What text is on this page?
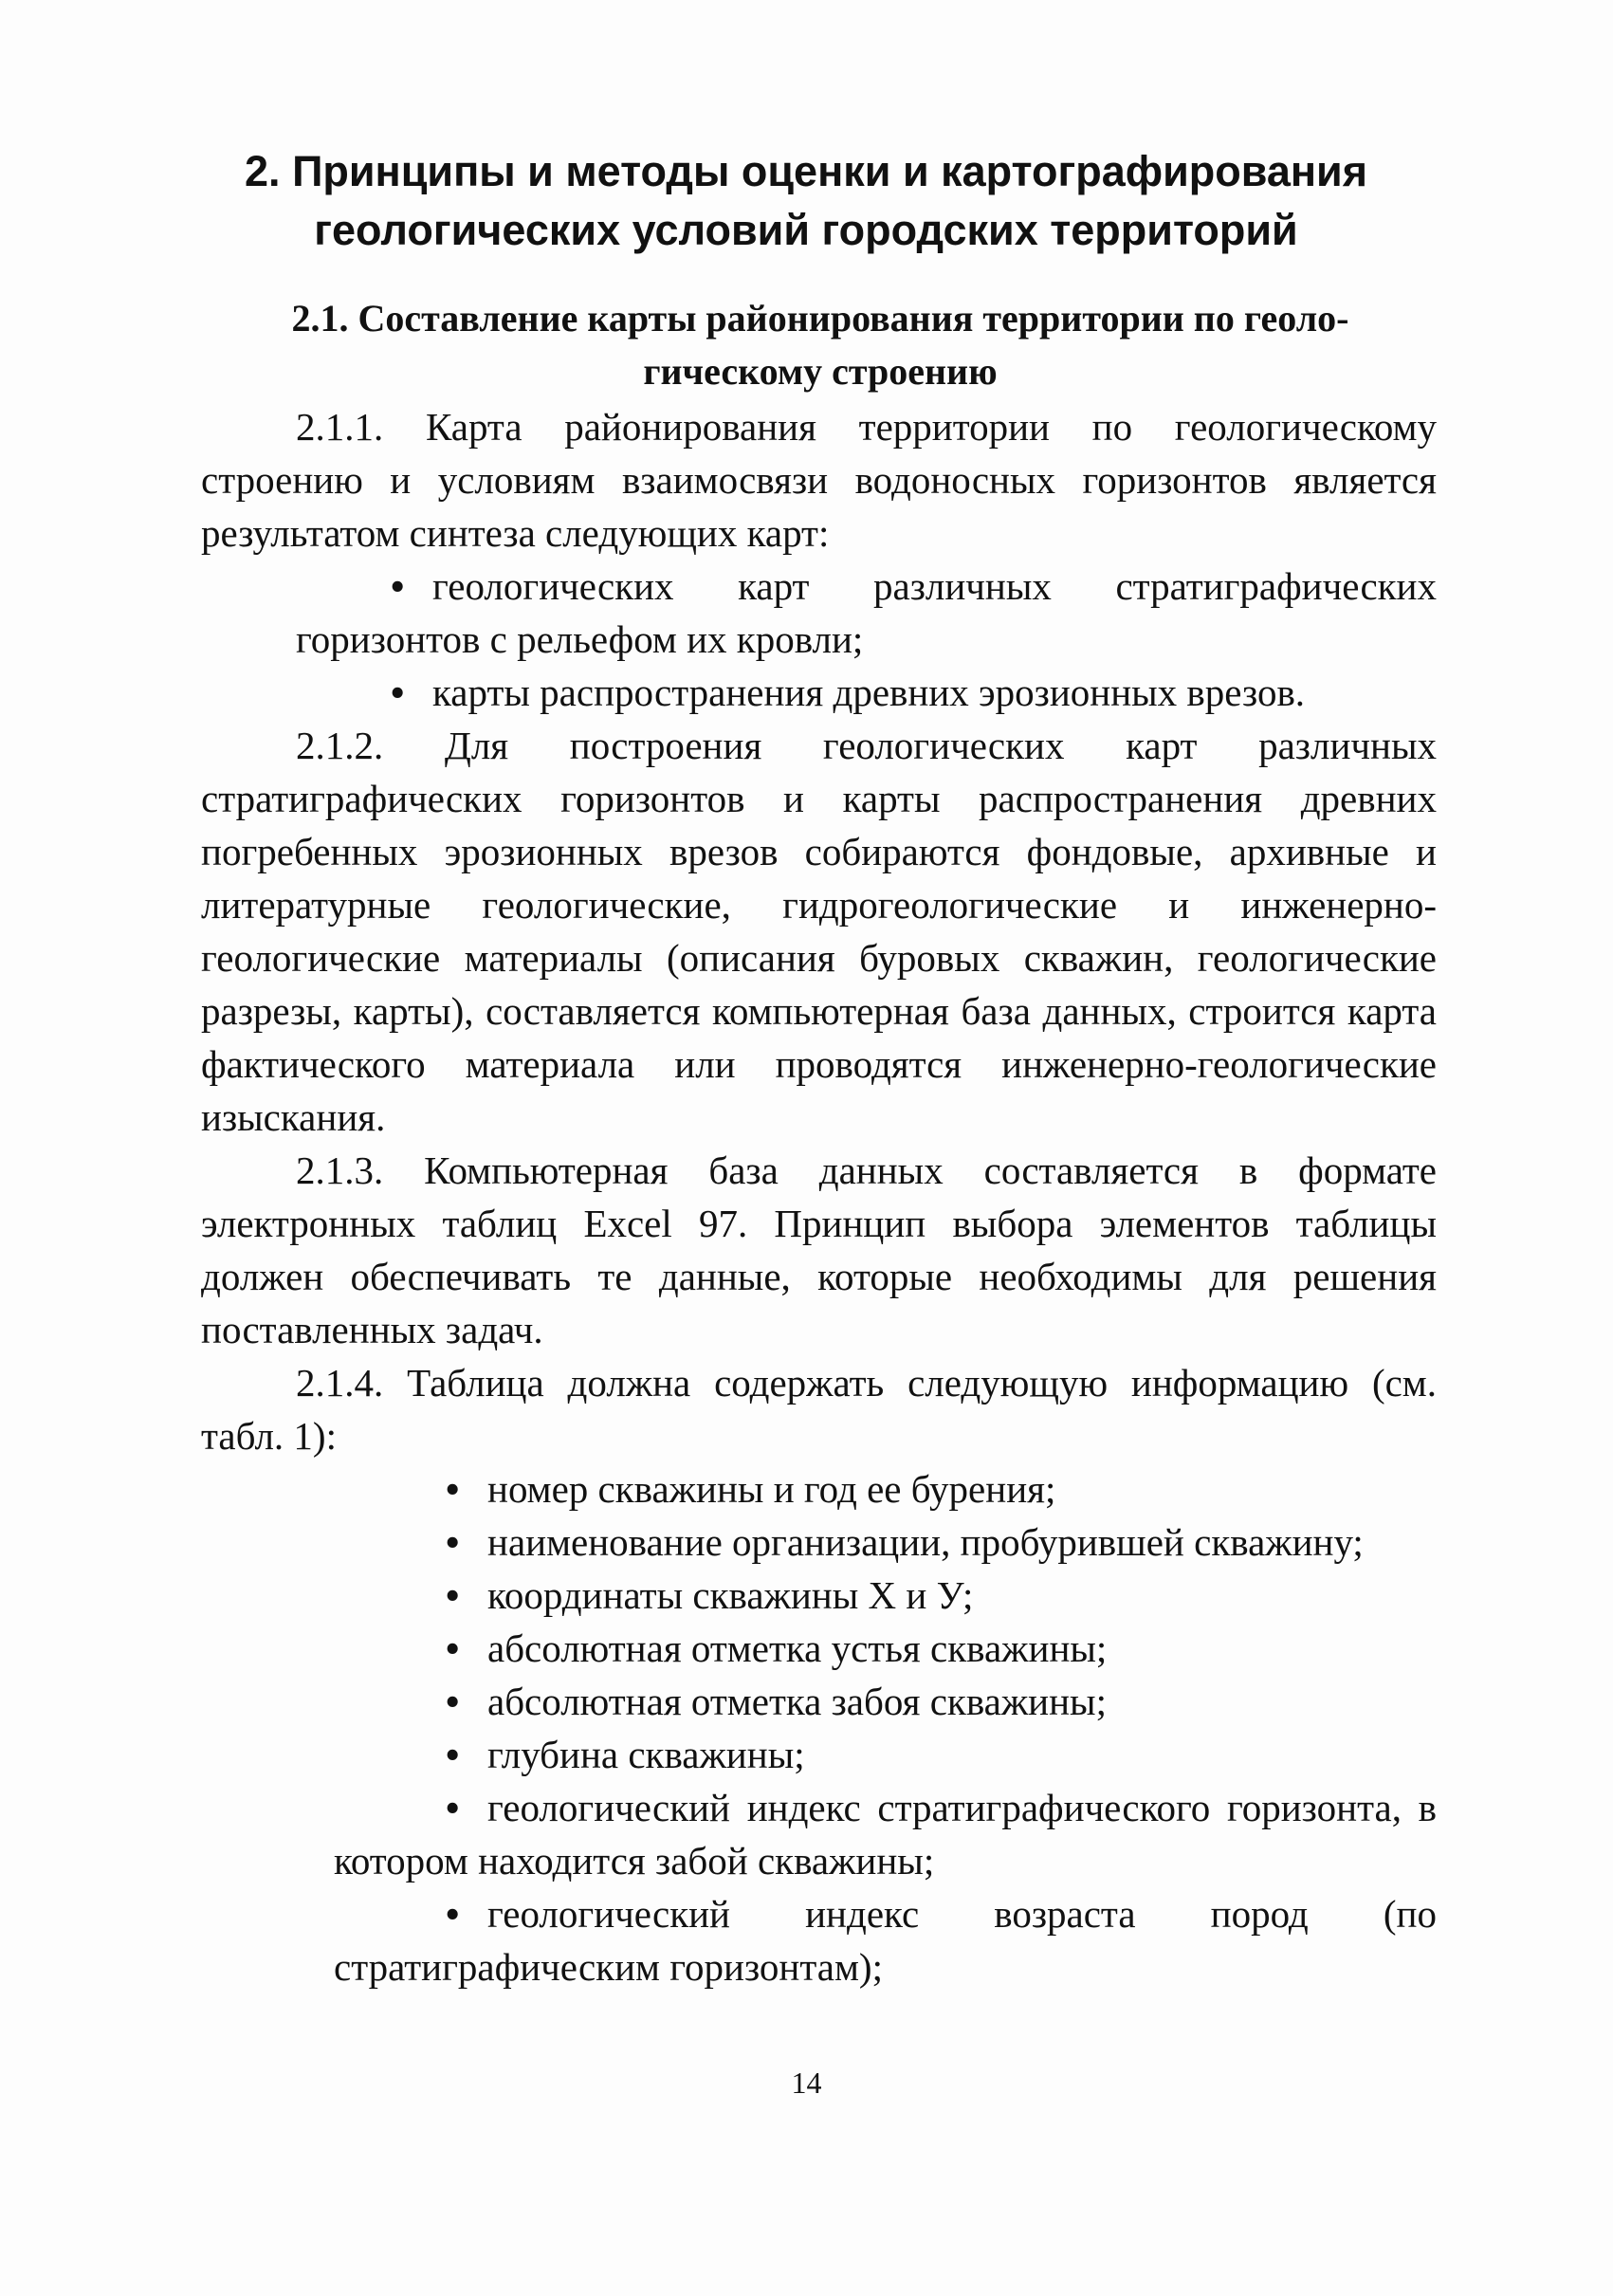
2. Принципы и методы оценки и картографирования геологических условий городских территорий
2.1. Составление карты районирования территории по геоло-
гическому строению

2.1.1. Карта районирования территории по геологическому строению и условиям взаимосвязи водоносных горизонтов является результатом синтеза следующих карт:

• геологических карт различных стратиграфических горизонтов с рельефом их кровли;

• карты распространения древних эрозионных врезов.

2.1.2. Для построения геологических карт различных стратиграфических горизонтов и карты распространения древних погребенных эрозионных врезов собираются фондовые, архивные и литературные геологические, гидрогеологические и инженерно-геологические материалы (описания буровых скважин, геологические разрезы, карты), составляется компьютерная база данных, строится карта фактического материала или проводятся инженерно-геологические изыскания.

2.1.3. Компьютерная база данных составляется в формате электронных таблиц Excel 97. Принцип выбора элементов таблицы должен обеспечивать те данные, которые необходимы для решения поставленных задач.

2.1.4. Таблица должна содержать следующую информацию (см. табл. 1):

• номер скважины и год ее бурения;

• наименование организации, пробурившей скважину;

• координаты скважины X и У;

• абсолютная отметка устья скважины;

• абсолютная отметка забоя скважины;

• глубина скважины;

• геологический индекс стратиграфического горизонта, в котором находится забой скважины;

• геологический индекс возраста пород (по стратиграфическим горизонтам);

14
